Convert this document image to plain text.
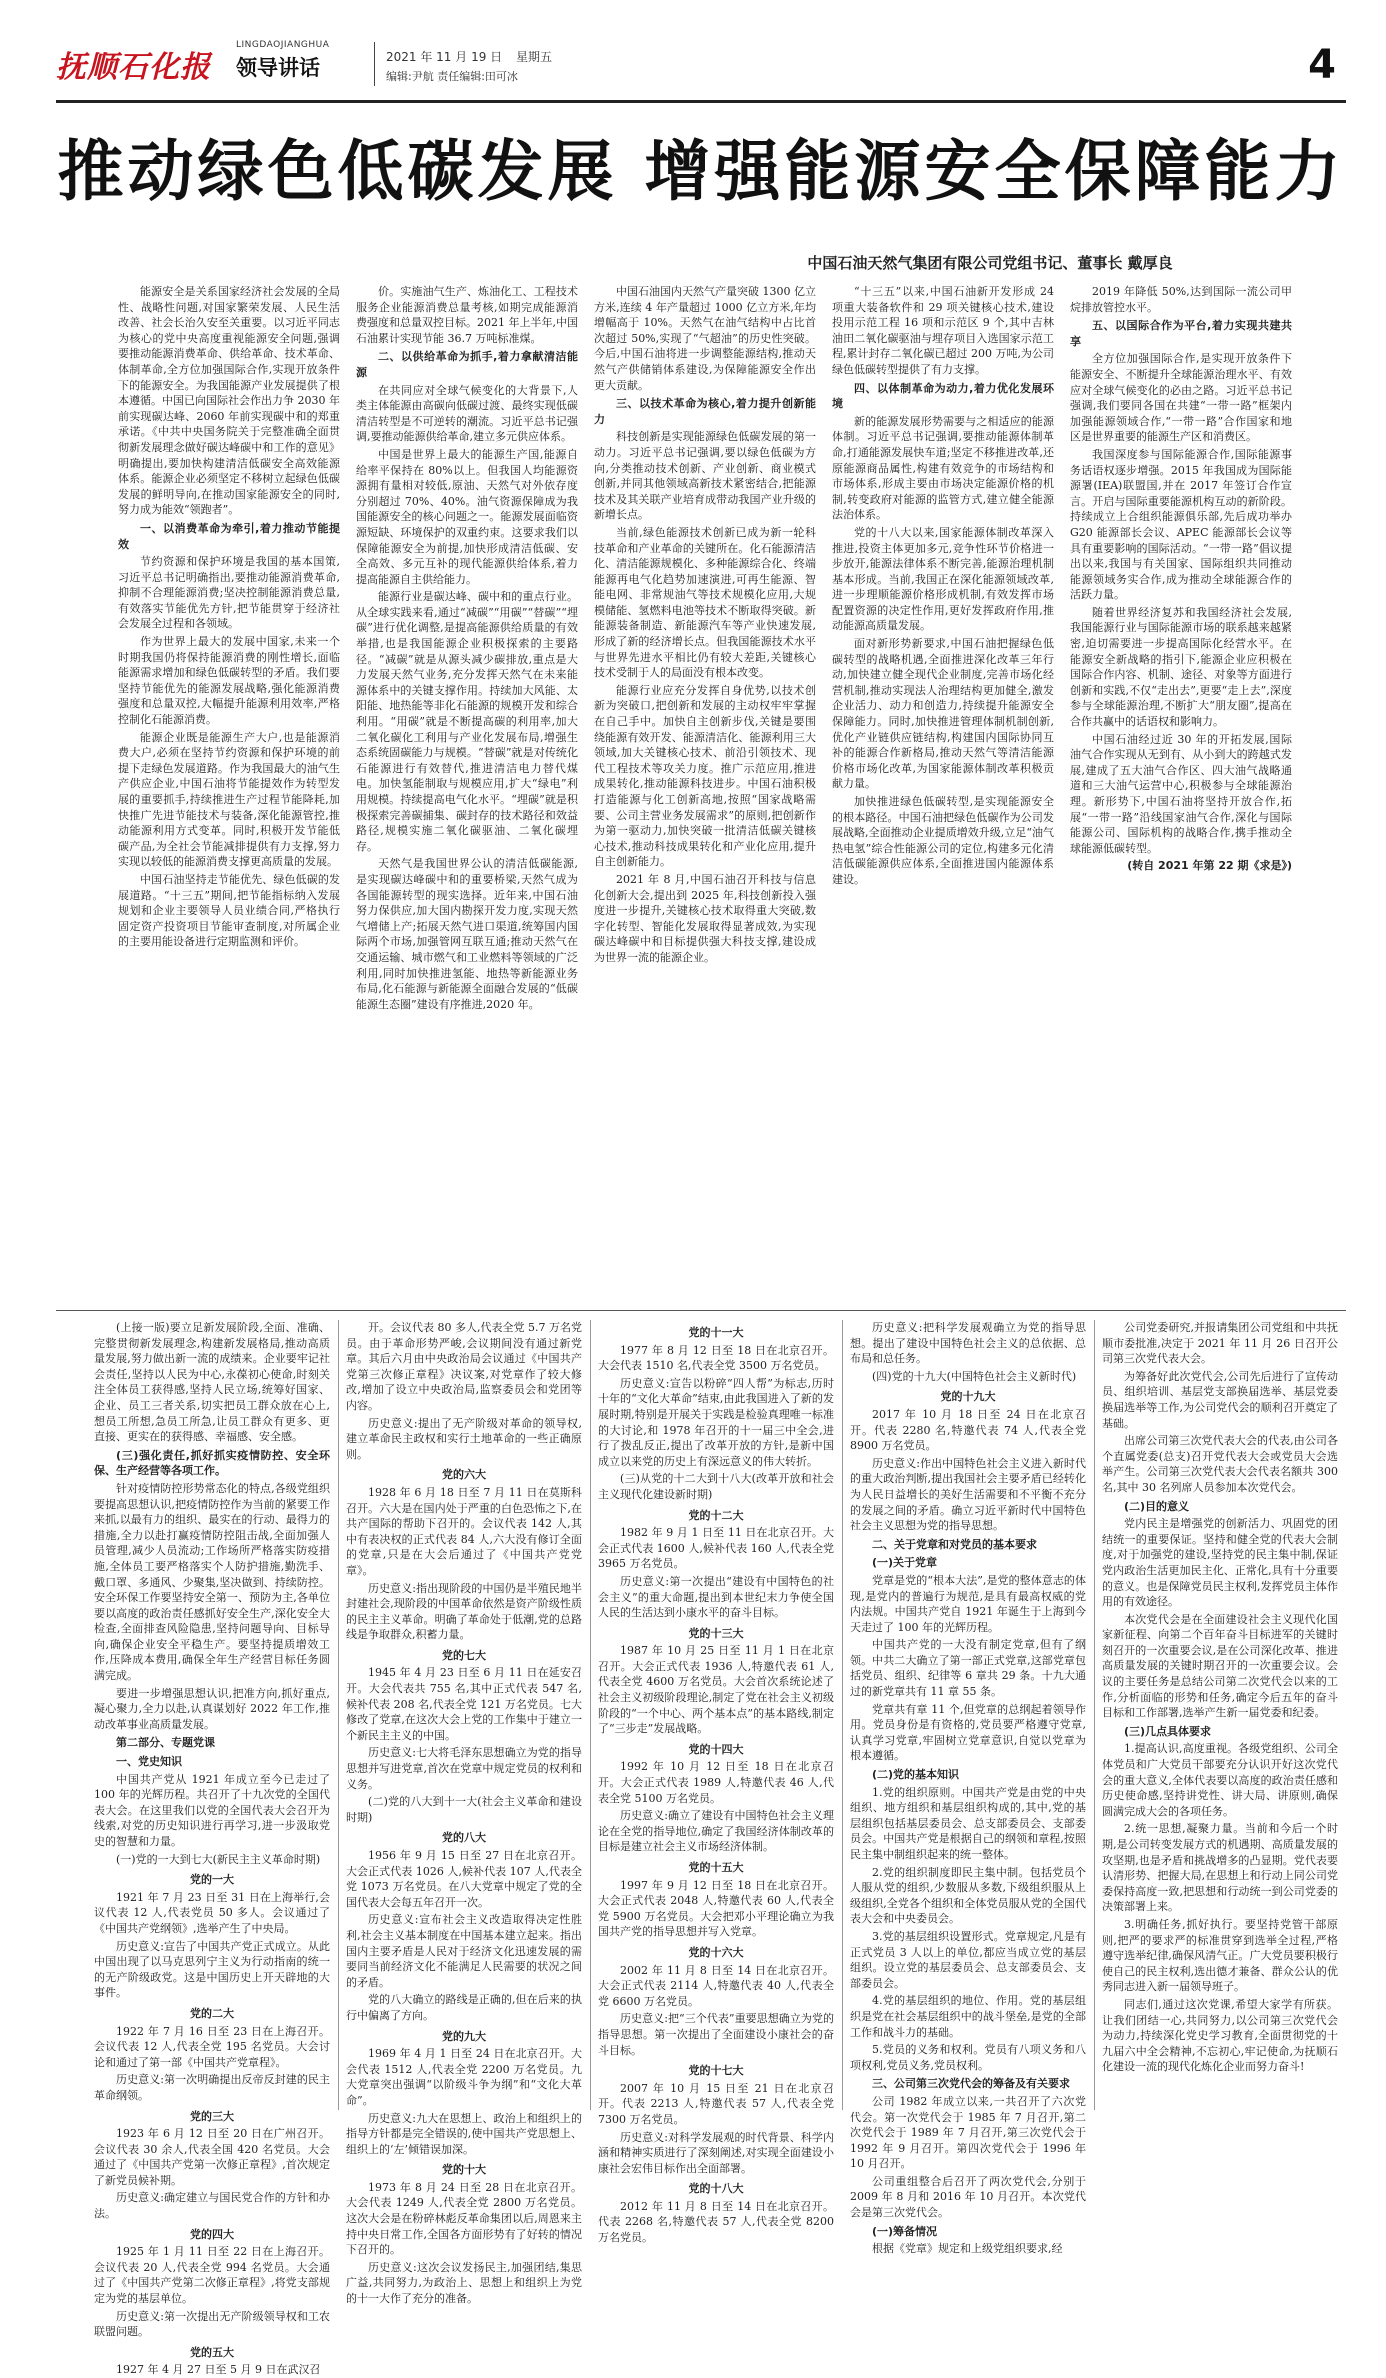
抚顺石化报
LINGDAOJIANGHUA
领导讲话	2021 年 11 月 19 日 星期五
编辑:尹航 责任编辑:田可冰	4
推动绿色低碳发展 增强能源安全保障能力
中国石油天然气集团有限公司党组书记、董事长 戴厚良

能源安全是关系国家经济社会发展的全局性、战略性问题,对国家繁荣发展、人民生活改善、社会长治久安至关重要。以习近平同志为核心的党中央高度重视能源安全问题,强调要推动能源消费革命、供给革命、技术革命、体制革命,全方位加强国际合作,实现开放条件下的能源安全。为我国能源产业发展提供了根本遵循。中国已向国际社会作出力争 2030 年前实现碳达峰、2060 年前实现碳中和的郑重承诺。《中共中央国务院关于完整准确全面贯彻新发展理念做好碳达峰碳中和工作的意见》明确提出,要加快构建清洁低碳安全高效能源体系。能源企业必须坚定不移树立起绿色低碳发展的鲜明导向,在推动国家能源安全的同时,努力成为能效“领跑者”。

一、以消费革命为牵引,着力推动节能提效

节约资源和保护环境是我国的基本国策,习近平总书记明确指出,要推动能源消费革命,抑制不合理能源消费;坚决控制能源消费总量,有效落实节能优先方针,把节能贯穿于经济社会发展全过程和各领域。

作为世界上最大的发展中国家,未来一个时期我国仍将保持能源消费的刚性增长,面临能源需求增加和绿色低碳转型的矛盾。我们要坚持节能优先的能源发展战略,强化能源消费强度和总量双控,大幅提升能源利用效率,严格控制化石能源消费。

能源企业既是能源生产大户,也是能源消费大户,必须在坚持节约资源和保护环境的前提下走绿色发展道路。作为我国最大的油气生产供应企业,中国石油将节能提效作为转型发展的重要抓手,持续推进生产过程节能降耗,加快推广先进节能技术与装备,深化能源管控,推动能源利用方式变革。同时,积极开发节能低碳产品,为全社会节能减排提供有力支撑,努力实现以较低的能源消费支撑更高质量的发展。

中国石油坚持走节能优先、绿色低碳的发展道路。“十三五”期间,把节能指标纳入发展规划和企业主要领导人员业绩合同,严格执行固定资产投资项目节能审查制度,对所属企业的主要用能设备进行定期监测和评价。

价。实施油气生产、炼油化工、工程技术服务企业能源消费总量考核,如期完成能源消费强度和总量双控目标。2021 年上半年,中国石油累计实现节能 36.7 万吨标准煤。

二、以供给革命为抓手,着力拿献清洁能源

在共同应对全球气候变化的大背景下,人类主体能源由高碳向低碳过渡、最终实现低碳清洁转型是不可逆转的潮流。习近平总书记强调,要推动能源供给革命,建立多元供应体系。

中国是世界上最大的能源生产国,能源自给率平保持在 80%以上。但我国人均能源资源拥有量相对较低,原油、天然气对外依存度分别超过 70%、40%。油气资源保障成为我国能源安全的核心问题之一。能源发展面临资源短缺、环境保护的双重约束。这要求我们以保障能源安全为前提,加快形成清洁低碳、安全高效、多元互补的现代能源供给体系,着力提高能源自主供给能力。

能源行业是碳达峰、碳中和的重点行业。从全球实践来看,通过“减碳”“用碳”“替碳”“埋碳”进行优化调整,是提高能源供给质量的有效举措,也是我国能源企业积极探索的主要路径。“减碳”就是从源头减少碳排放,重点是大力发展天然气业务,充分发挥天然气在未来能源体系中的关键支撑作用。持续加大风能、太阳能、地热能等非化石能源的规模开发和综合利用。“用碳”就是不断提高碳的利用率,加大二氧化碳化工利用与产业化发展布局,增强生态系统固碳能力与规模。“替碳”就是对传统化石能源进行有效替代,推进清洁电力替代煤电。加快氢能制取与规模应用,扩大“绿电”利用规模。持续提高电气化水平。“埋碳”就是积极探索完善碳捕集、碳封存的技术路径和效益路径,规模实施二氧化碳驱油、二氧化碳埋存。

天然气是我国世界公认的清洁低碳能源,是实现碳达峰碳中和的重要桥梁,天然气成为各国能源转型的现实选择。近年来,中国石油努力保供应,加大国内勘探开发力度,实现天然气增储上产;拓展天然气进口渠道,统筹国内国际两个市场,加强管网互联互通;推动天然气在交通运输、城市燃气和工业燃料等领域的广泛利用,同时加快推进氢能、地热等新能源业务布局,化石能源与新能源全面融合发展的“低碳能源生态圈”建设有序推进,2020 年。

中国石油国内天然气产量突破 1300 亿立方米,连续 4 年产量超过 1000 亿立方米,年均增幅高于 10%。天然气在油气结构中占比首次超过 50%,实现了“气超油”的历史性突破。今后,中国石油将进一步调整能源结构,推动天然气产供储销体系建设,为保障能源安全作出更大贡献。

三、以技术革命为核心,着力提升创新能力

科技创新是实现能源绿色低碳发展的第一动力。习近平总书记强调,要以绿色低碳为方向,分类推动技术创新、产业创新、商业模式创新,并同其他领域高新技术紧密结合,把能源技术及其关联产业培育成带动我国产业升级的新增长点。

当前,绿色能源技术创新已成为新一轮科技革命和产业革命的关键所在。化石能源清洁化、清洁能源规模化、多种能源综合化、终端能源再电气化趋势加速演进,可再生能源、智能电网、非常规油气等技术规模化应用,大规模储能、氢燃料电池等技术不断取得突破。新能源装备制造、新能源汽车等产业快速发展,形成了新的经济增长点。但我国能源技术水平与世界先进水平相比仍有较大差距,关键核心技术受制于人的局面没有根本改变。

能源行业应充分发挥自身优势,以技术创新为突破口,把创新和发展的主动权牢牢掌握在自己手中。加快自主创新步伐,关键是要围绕能源有效开发、能源清洁化、能源利用三大领域,加大关键核心技术、前沿引领技术、现代工程技术等攻关力度。推广示范应用,推进成果转化,推动能源科技进步。中国石油积极打造能源与化工创新高地,按照“国家战略需要、公司主营业务发展需求”的原则,把创新作为第一驱动力,加快突破一批清洁低碳关键核心技术,推动科技成果转化和产业化应用,提升自主创新能力。

2021 年 8 月,中国石油召开科技与信息化创新大会,提出到 2025 年,科技创新投入强度进一步提升,关键核心技术取得重大突破,数字化转型、智能化发展取得显著成效,为实现碳达峰碳中和目标提供强大科技支撑,建设成为世界一流的能源企业。

“十三五”以来,中国石油新开发形成 24 项重大装备软件和 29 项关键核心技术,建设投用示范工程 16 项和示范区 9 个,其中吉林油田二氧化碳驱油与埋存项目入选国家示范工程,累计封存二氧化碳已超过 200 万吨,为公司绿色低碳转型提供了有力支撑。

四、以体制革命为动力,着力优化发展环境

新的能源发展形势需要与之相适应的能源体制。习近平总书记强调,要推动能源体制革命,打通能源发展快车道;坚定不移推进改革,还原能源商品属性,构建有效竞争的市场结构和市场体系,形成主要由市场决定能源价格的机制,转变政府对能源的监管方式,建立健全能源法治体系。

党的十八大以来,国家能源体制改革深入推进,投资主体更加多元,竞争性环节价格进一步放开,能源法律体系不断完善,能源治理机制基本形成。当前,我国正在深化能源领域改革,进一步理顺能源价格形成机制,有效发挥市场配置资源的决定性作用,更好发挥政府作用,推动能源高质量发展。

面对新形势新要求,中国石油把握绿色低碳转型的战略机遇,全面推进深化改革三年行动,加快建立健全现代企业制度,完善市场化经营机制,推动实现法人治理结构更加健全,激发企业活力、动力和创造力,持续提升能源安全保障能力。同时,加快推进管理体制机制创新,优化产业链供应链结构,构建国内国际协同互补的能源合作新格局,推动天然气等清洁能源价格市场化改革,为国家能源体制改革积极贡献力量。

加快推进绿色低碳转型,是实现能源安全的根本路径。中国石油把绿色低碳作为公司发展战略,全面推动企业提质增效升级,立足“油气热电氢”综合性能源公司的定位,构建多元化清洁低碳能源供应体系,全面推进国内能源体系建设。

2019 年降低 50%,达到国际一流公司甲烷排放管控水平。

五、以国际合作为平台,着力实现共建共享

全方位加强国际合作,是实现开放条件下能源安全、不断提升全球能源治理水平、有效应对全球气候变化的必由之路。习近平总书记强调,我们要同各国在共建“一带一路”框架内加强能源领域合作,“一带一路”合作国家和地区是世界重要的能源生产区和消费区。

我国深度参与国际能源合作,国际能源事务话语权逐步增强。2015 年我国成为国际能源署(IEA)联盟国,并在 2017 年签订合作宣言。开启与国际重要能源机构互动的新阶段。持续成立上合组织能源俱乐部,先后成功举办 G20 能源部长会议、APEC 能源部长会议等具有重要影响的国际活动。“一带一路”倡议提出以来,我国与有关国家、国际组织共同推动能源领域务实合作,成为推动全球能源合作的活跃力量。

随着世界经济复苏和我国经济社会发展,我国能源行业与国际能源市场的联系越来越紧密,迫切需要进一步提高国际化经营水平。在能源安全新战略的指引下,能源企业应积极在国际合作内容、机制、途径、对象等方面进行创新和实践,不仅“走出去”,更要“走上去”,深度参与全球能源治理,不断扩大“朋友圈”,提高在合作共赢中的话语权和影响力。

中国石油经过近 30 年的开拓发展,国际油气合作实现从无到有、从小到大的跨越式发展,建成了五大油气合作区、四大油气战略通道和三大油气运营中心,积极参与全球能源治理。新形势下,中国石油将坚持开放合作,拓展“一带一路”沿线国家油气合作,深化与国际能源公司、国际机构的战略合作,携手推动全球能源低碳转型。

(转自 2021 年第 22 期《求是》)

(上接一版)要立足新发展阶段,全面、准确、完整贯彻新发展理念,构建新发展格局,推动高质量发展,努力做出新一流的成绩来。企业要牢记社会责任,坚持以人民为中心,永葆初心使命,时刻关注全体员工获得感,坚持人民立场,统筹好国家、企业、员工三者关系,切实把员工群众放在心上,想员工所想,急员工所急,让员工群众有更多、更直接、更实在的获得感、幸福感、安全感。

(三)强化责任,抓好抓实疫情防控、安全环保、生产经营等各项工作。

针对疫情防控形势常态化的特点,各级党组织要提高思想认识,把疫情防控作为当前的紧要工作来抓,以最有力的组织、最实在的行动、最得力的措施,全力以赴打赢疫情防控阻击战,全面加强人员管理,减少人员流动;工作场所严格落实防疫措施,全体员工要严格落实个人防护措施,勤洗手、戴口罩、多通风、少聚集,坚决做到、持续防控。安全环保工作要坚持安全第一、预防为主,各单位要以高度的政治责任感抓好安全生产,深化安全大检查,全面排查风险隐患,坚持问题导向、目标导向,确保企业安全平稳生产。要坚持提质增效工作,压降成本费用,确保全年生产经营目标任务圆满完成。

要进一步增强思想认识,把准方向,抓好重点,凝心聚力,全力以赴,认真谋划好 2022 年工作,推动改革事业高质量发展。

第二部分、专题党课

一、党史知识

中国共产党从 1921 年成立至今已走过了 100 年的光辉历程。共召开了十九次党的全国代表大会。在这里我们以党的全国代表大会召开为线索,对党的历史知识进行再学习,进一步汲取党史的智慧和力量。

(一)党的一大到七大(新民主主义革命时期)

党的一大

1921 年 7 月 23 日至 31 日在上海举行,会议代表 12 人,代表党员 50 多人。会议通过了《中国共产党纲领》,选举产生了中央局。

历史意义:宣告了中国共产党正式成立。从此中国出现了以马克思列宁主义为行动指南的统一的无产阶级政党。这是中国历史上开天辟地的大事件。

党的二大

1922 年 7 月 16 日至 23 日在上海召开。会议代表 12 人,代表全党 195 名党员。大会讨论和通过了第一部《中国共产党章程》。

历史意义:第一次明确提出反帝反封建的民主革命纲领。

党的三大

1923 年 6 月 12 日至 20 日在广州召开。会议代表 30 余人,代表全国 420 名党员。大会通过了《中国共产党第一次修正章程》,首次规定了新党员候补期。

历史意义:确定建立与国民党合作的方针和办法。

党的四大

1925 年 1 月 11 日至 22 日在上海召开。会议代表 20 人,代表全党 994 名党员。大会通过了《中国共产党第二次修正章程》,将党支部规定为党的基层单位。

历史意义:第一次提出无产阶级领导权和工农联盟问题。

党的五大

1927 年 4 月 27 日至 5 月 9 日在武汉召

开。会议代表 80 多人,代表全党 5.7 万名党员。由于革命形势严峻,会议期间没有通过新党章。其后六月由中央政治局会议通过《中国共产党第三次修正章程》决议案,对党章作了较大修改,增加了设立中央政治局,监察委员会和党团等内容。

历史意义:提出了无产阶级对革命的领导权,建立革命民主政权和实行土地革命的一些正确原则。

党的六大

1928 年 6 月 18 日至 7 月 11 日在莫斯科召开。六大是在国内处于严重的白色恐怖之下,在共产国际的帮助下召开的。会议代表 142 人,其中有表决权的正式代表 84 人,六大没有修订全面的党章,只是在大会后通过了《中国共产党党章》。

历史意义:指出现阶段的中国仍是半殖民地半封建社会,现阶段的中国革命依然是资产阶级性质的民主主义革命。明确了革命处于低潮,党的总路线是争取群众,积蓄力量。

党的七大

1945 年 4 月 23 日至 6 月 11 日在延安召开。大会代表共 755 名,其中正式代表 547 名,候补代表 208 名,代表全党 121 万名党员。七大修改了党章,在这次大会上党的工作集中于建立一个新民主主义的中国。

历史意义:七大将毛泽东思想确立为党的指导思想并写进党章,首次在党章中规定党员的权利和义务。

(二)党的八大到十一大(社会主义革命和建设时期)

党的八大

1956 年 9 月 15 日至 27 日在北京召开。大会正式代表 1026 人,候补代表 107 人,代表全党 1073 万名党员。在八大党章中规定了党的全国代表大会每五年召开一次。

历史意义:宣布社会主义改造取得决定性胜利,社会主义基本制度在中国基本建立起来。指出国内主要矛盾是人民对于经济文化迅速发展的需要同当前经济文化不能满足人民需要的状况之间的矛盾。

党的八大确立的路线是正确的,但在后来的执行中偏离了方向。

党的九大

1969 年 4 月 1 日至 24 日在北京召开。大会代表 1512 人,代表全党 2200 万名党员。九大党章突出强调“以阶级斗争为纲”和“文化大革命”。

历史意义:九大在思想上、政治上和组织上的指导方针都是完全错误的,使中国共产党思想上、组织上的‘左’倾错误加深。

党的十大

1973 年 8 月 24 日至 28 日在北京召开。大会代表 1249 人,代表全党 2800 万名党员。这次大会是在粉碎林彪反革命集团以后,周恩来主持中央日常工作,全国各方面形势有了好转的情况下召开的。

历史意义:这次会议发扬民主,加强团结,集思广益,共同努力,为政治上、思想上和组织上为党的十一大作了充分的准备。

党的十一大

1977 年 8 月 12 日至 18 日在北京召开。大会代表 1510 名,代表全党 3500 万名党员。

历史意义:宣告以粉碎“四人帮”为标志,历时十年的“文化大革命”结束,由此我国进入了新的发展时期,特别是开展关于实践是检验真理唯一标准的大讨论,和 1978 年召开的十一届三中全会,进行了拨乱反正,提出了改革开放的方针,是新中国成立以来党的历史上有深远意义的伟大转折。

(三)从党的十二大到十八大(改革开放和社会主义现代化建设新时期)

党的十二大

1982 年 9 月 1 日至 11 日在北京召开。大会正式代表 1600 人,候补代表 160 人,代表全党 3965 万名党员。

历史意义:第一次提出“建设有中国特色的社会主义”的重大命题,提出到本世纪末力争使全国人民的生活达到小康水平的奋斗目标。

党的十三大

1987 年 10 月 25 日至 11 月 1 日在北京召开。大会正式代表 1936 人,特邀代表 61 人,代表全党 4600 万名党员。大会首次系统论述了社会主义初级阶段理论,制定了党在社会主义初级阶段的“一个中心、两个基本点”的基本路线,制定了“三步走”发展战略。

党的十四大

1992 年 10 月 12 日至 18 日在北京召开。大会正式代表 1989 人,特邀代表 46 人,代表全党 5100 万名党员。

历史意义:确立了建设有中国特色社会主义理论在全党的指导地位,确定了我国经济体制改革的目标是建立社会主义市场经济体制。

党的十五大

1997 年 9 月 12 日至 18 日在北京召开。大会正式代表 2048 人,特邀代表 60 人,代表全党 5900 万名党员。大会把邓小平理论确立为我国共产党的指导思想并写入党章。

党的十六大

2002 年 11 月 8 日至 14 日在北京召开。大会正式代表 2114 人,特邀代表 40 人,代表全党 6600 万名党员。

历史意义:把“三个代表”重要思想确立为党的指导思想。第一次提出了全面建设小康社会的奋斗目标。

党的十七大

2007 年 10 月 15 日至 21 日在北京召开。代表 2213 人,特邀代表 57 人,代表全党 7300 万名党员。

历史意义:对科学发展观的时代背景、科学内涵和精神实质进行了深刻阐述,对实现全面建设小康社会宏伟目标作出全面部署。

党的十八大

2012 年 11 月 8 日至 14 日在北京召开。代表 2268 名,特邀代表 57 人,代表全党 8200 万名党员。

历史意义:把科学发展观确立为党的指导思想。提出了建设中国特色社会主义的总依据、总布局和总任务。

(四)党的十九大(中国特色社会主义新时代)

党的十九大

2017 年 10 月 18 日至 24 日在北京召开。代表 2280 名,特邀代表 74 人,代表全党 8900 万名党员。

历史意义:作出中国特色社会主义进入新时代的重大政治判断,提出我国社会主要矛盾已经转化为人民日益增长的美好生活需要和不平衡不充分的发展之间的矛盾。确立习近平新时代中国特色社会主义思想为党的指导思想。

二、关于党章和对党员的基本要求

(一)关于党章

党章是党的“根本大法”,是党的整体意志的体现,是党内的普遍行为规范,是具有最高权威的党内法规。中国共产党自 1921 年诞生于上海到今天走过了 100 年的光辉历程。

中国共产党的一大没有制定党章,但有了纲领。中共二大确立了第一部正式党章,这部党章包括党员、组织、纪律等 6 章共 29 条。十九大通过的新党章共有 11 章 55 条。

党章共有章 11 个,但党章的总纲起着领导作用。党员身份是有资格的,党员要严格遵守党章,认真学习党章,牢固树立党章意识,自觉以党章为根本遵循。

(二)党的基本知识

1.党的组织原则。中国共产党是由党的中央组织、地方组织和基层组织构成的,其中,党的基层组织包括基层委员会、总支部委员会、支部委员会。中国共产党是根据自己的纲领和章程,按照民主集中制组织起来的统一整体。

2.党的组织制度即民主集中制。包括党员个人服从党的组织,少数服从多数,下级组织服从上级组织,全党各个组织和全体党员服从党的全国代表大会和中央委员会。

3.党的基层组织设置形式。党章规定,凡是有正式党员 3 人以上的单位,都应当成立党的基层组织。设立党的基层委员会、总支部委员会、支部委员会。

4.党的基层组织的地位、作用。党的基层组织是党在社会基层组织中的战斗堡垒,是党的全部工作和战斗力的基础。

5.党员的义务和权利。党员有八项义务和八项权利,党员义务,党员权利。

三、公司第三次党代会的筹备及有关要求

公司 1982 年成立以来,一共召开了六次党代会。第一次党代会于 1985 年 7 月召开,第二次党代会于 1989 年 7 月召开,第三次党代会于 1992 年 9 月召开。第四次党代会于 1996 年 10 月召开。

公司重组整合后召开了两次党代会,分别于 2009 年 8 月和 2016 年 10 月召开。本次党代会是第三次党代会。

(一)筹备情况

根据《党章》规定和上级党组织要求,经

公司党委研究,并报请集团公司党组和中共抚顺市委批准,决定于 2021 年 11 月 26 日召开公司第三次党代表大会。

为筹备好此次党代会,公司先后进行了宣传动员、组织培训、基层党支部换届选举、基层党委换届选举等工作,为公司党代会的顺利召开奠定了基础。

出席公司第三次党代表大会的代表,由公司各个直属党委(总支)召开党代表大会或党员大会选举产生。公司第三次党代表大会代表名额共 300 名,其中 30 名列席人员参加本次党代会。

(二)目的意义

党内民主是增强党的创新活力、巩固党的团结统一的重要保证。坚持和健全党的代表大会制度,对于加强党的建设,坚持党的民主集中制,保证党内政治生活更加民主化、正常化,具有十分重要的意义。也是保障党员民主权利,发挥党员主体作用的有效途径。

本次党代会是在全面建设社会主义现代化国家新征程、向第二个百年奋斗目标进军的关键时刻召开的一次重要会议,是在公司深化改革、推进高质量发展的关键时期召开的一次重要会议。会议的主要任务是总结公司第二次党代会以来的工作,分析面临的形势和任务,确定今后五年的奋斗目标和工作部署,选举产生新一届党委和纪委。

(三)几点具体要求

1.提高认识,高度重视。各级党组织、公司全体党员和广大党员干部要充分认识开好这次党代会的重大意义,全体代表要以高度的政治责任感和历史使命感,坚持讲党性、讲大局、讲原则,确保圆满完成大会的各项任务。

2.统一思想,凝聚力量。当前和今后一个时期,是公司转变发展方式的机遇期、高质量发展的攻坚期,也是矛盾和挑战增多的凸显期。党代表要认清形势、把握大局,在思想上和行动上同公司党委保持高度一致,把思想和行动统一到公司党委的决策部署上来。

3.明确任务,抓好执行。要坚持党管干部原则,把严的要求严的标准贯穿到选举全过程,严格遵守选举纪律,确保风清气正。广大党员要积极行使自己的民主权利,选出德才兼备、群众公认的优秀同志进入新一届领导班子。

同志们,通过这次党课,希望大家学有所获。让我们团结一心,共同努力,以公司第三次党代会为动力,持续深化党史学习教育,全面贯彻党的十九届六中全会精神,不忘初心,牢记使命,为抚顺石化建设一流的现代化炼化企业而努力奋斗!
